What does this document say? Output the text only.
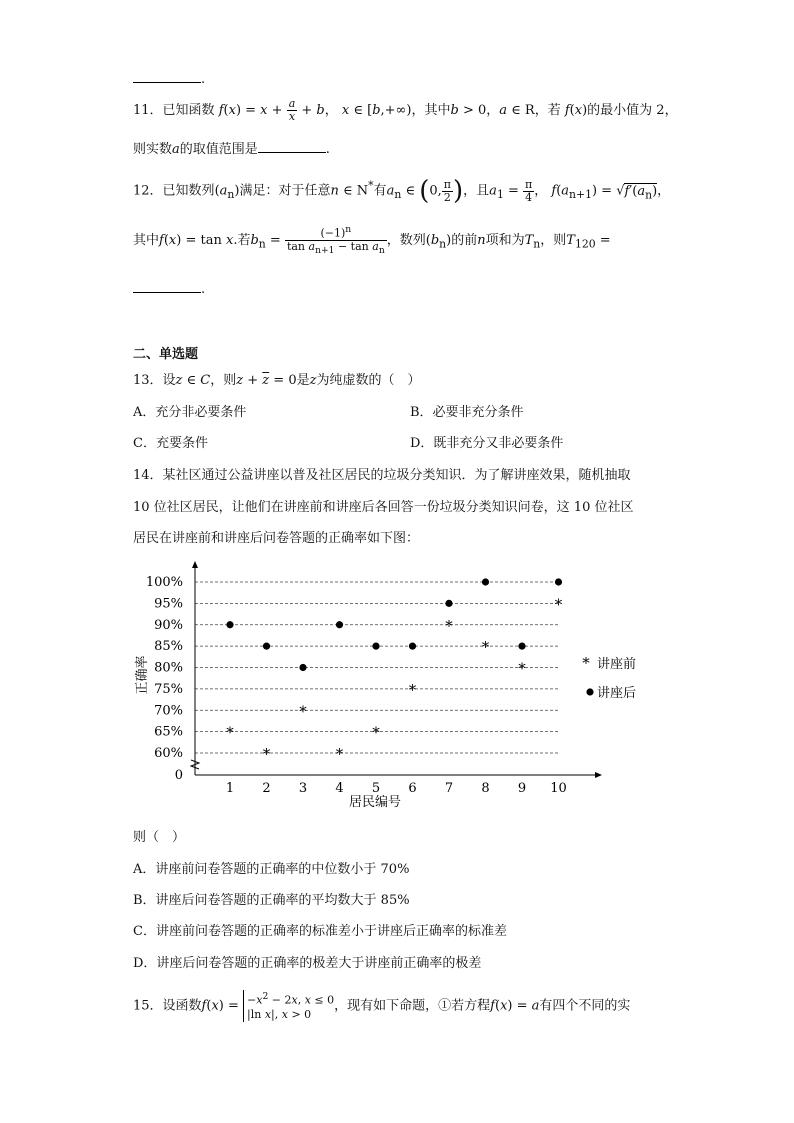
.
11．已知函数 $f(x) = x + \frac{a}{x} + b$， x ∈ [b,+∞)，其中b > 0，a ∈ R，若 f(x)的最小值为 2，
则实数a的取值范围是	.
12．已知数列$(a_n)$满足：对于任意n ∈ N*有$a_n$ ∈ (0, $\frac{\pi}{2}$ )，且$a_1 = \frac{\pi}{4}$ ， $f(a_{n+1}) = √f'(a_n)$，
其中f(x) = tan x.若$b_n = \frac{(-1)^n}{\tan a_{n+1} - \tan a_n}$ ，数列$(b_n)$的前n项和为$T_n$，则$T_{120}$ =
.
二、单选题
13．设z ∈ C，则$z + \overline{z} = 0$是z为纯虚数的（　）
A．充分非必要条件	B．必要非充分条件
C．充要条件	D．既非充分又非必要条件
14．某社区通过公益讲座以普及社区居民的垃圾分类知识．为了解讲座效果，随机抽取
10 位社区居民，让他们在讲座前和讲座后各回答一份垃圾分类知识问卷，这 10 位社区
居民在讲座前和讲座后问卷答题的正确率如下图：
0
60%
65%
70%
75%
80%
85%
90%
95%
100%
1 2 3 4 5 6 7 8 9 10
*
*
*
*
*
*
*
*
*
*
* 讲座前
讲座后
居民编号
正确率
则（　）
A．讲座前问卷答题的正确率的中位数小于 70%
B．讲座后问卷答题的正确率的平均数大于 85%
C．讲座前问卷答题的正确率的标准差小于讲座后正确率的标准差
D．讲座后问卷答题的正确率的极差大于讲座前正确率的极差
15．设函数$f(x) = -x^2 - 2x$, x ≤ 0
|ln x|, x > 0，现有如下命题，①若方程f(x) = a有四个不同的实
